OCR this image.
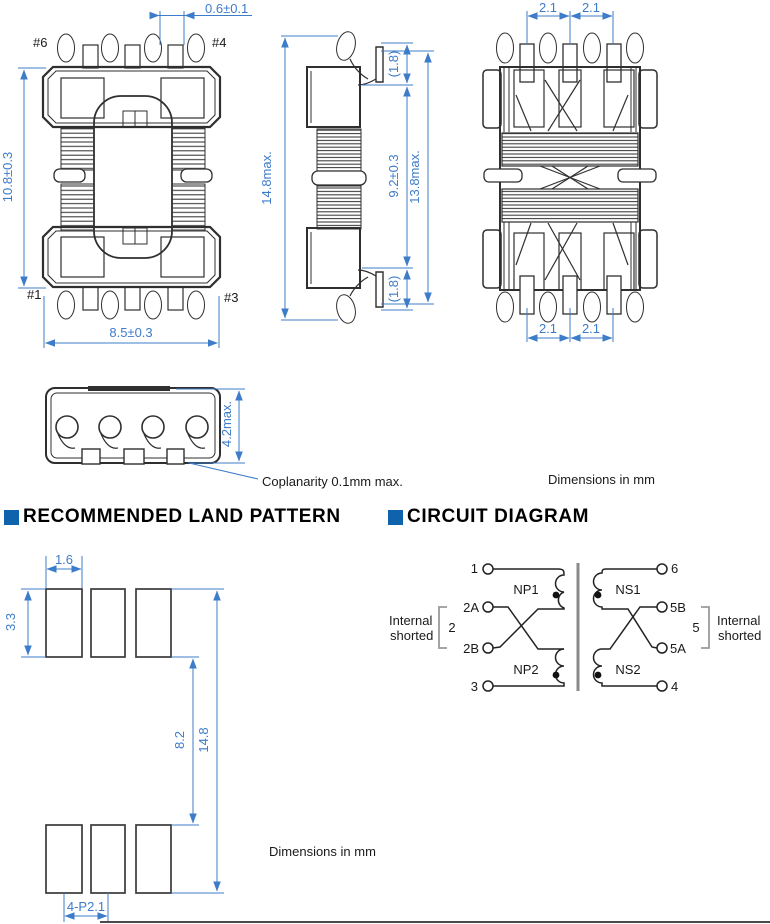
0.6±0.1
10.8±0.3
8.5±0.3
#6	#4
#1	#3
14.8max.
(1.8)
9.2±0.3
(1.8)
13.8max.
2.1 2.1
2.1 2.1
4.2max.
Coplanarity 0.1mm max.	Dimensions in mm
RECOMMENDED LAND PATTERN	CIRCUIT DIAGRAM
1.6
3.3
8.2 14.8
4-P2.1
Dimensions in mm
1
2A
2B
3
6
5B
5A
4
NP1
NP2
NS1
NS2
2	5
Internal
shorted
Internal
shorted
